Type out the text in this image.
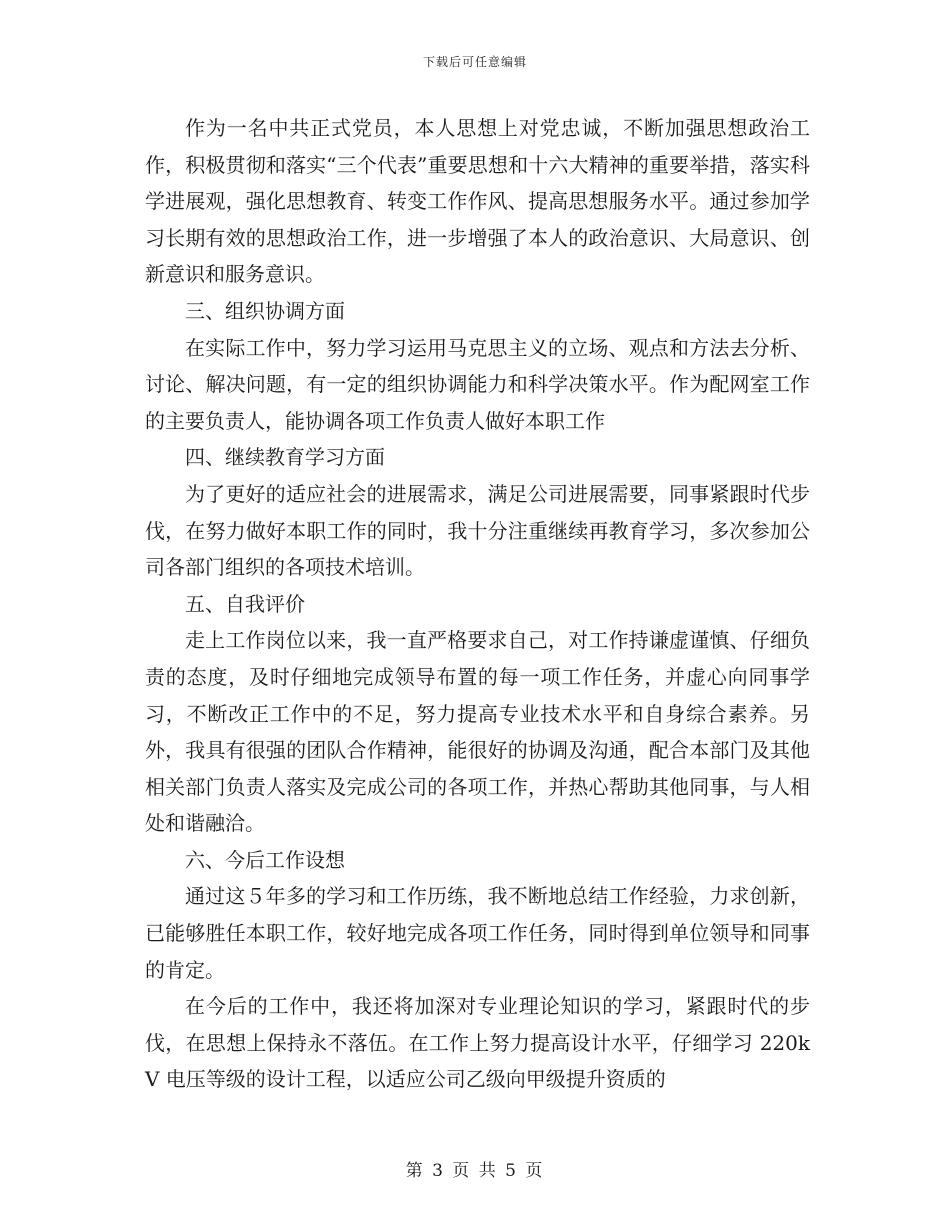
下载后可任意编辑

作为一名中共正式党员，本人思想上对党忠诚，不断加强思想政治工作，积极贯彻和落实“三个代表”重要思想和十六大精神的重要举措，落实科学进展观，强化思想教育、转变工作作风、提高思想服务水平。通过参加学习长期有效的思想政治工作，进一步增强了本人的政治意识、大局意识、创新意识和服务意识。

三、组织协调方面

在实际工作中，努力学习运用马克思主义的立场、观点和方法去分析、讨论、解决问题，有一定的组织协调能力和科学决策水平。作为配网室工作的主要负责人，能协调各项工作负责人做好本职工作

四、继续教育学习方面

为了更好的适应社会的进展需求，满足公司进展需要，同事紧跟时代步伐，在努力做好本职工作的同时，我十分注重继续再教育学习，多次参加公司各部门组织的各项技术培训。

五、自我评价

走上工作岗位以来，我一直严格要求自己，对工作持谦虚谨慎、仔细负责的态度，及时仔细地完成领导布置的每一项工作任务，并虚心向同事学习，不断改正工作中的不足，努力提高专业技术水平和自身综合素养。另外，我具有很强的团队合作精神，能很好的协调及沟通，配合本部门及其他相关部门负责人落实及完成公司的各项工作，并热心帮助其他同事，与人相处和谐融洽。

六、今后工作设想

通过这５年多的学习和工作历练，我不断地总结工作经验，力求创新，已能够胜任本职工作，较好地完成各项工作任务，同时得到单位领导和同事的肯定。

在今后的工作中，我还将加深对专业理论知识的学习，紧跟时代的步伐，在思想上保持永不落伍。在工作上努力提高设计水平，仔细学习 220kV 电压等级的设计工程，以适应公司乙级向甲级提升资质的

第 3 页 共 5 页
